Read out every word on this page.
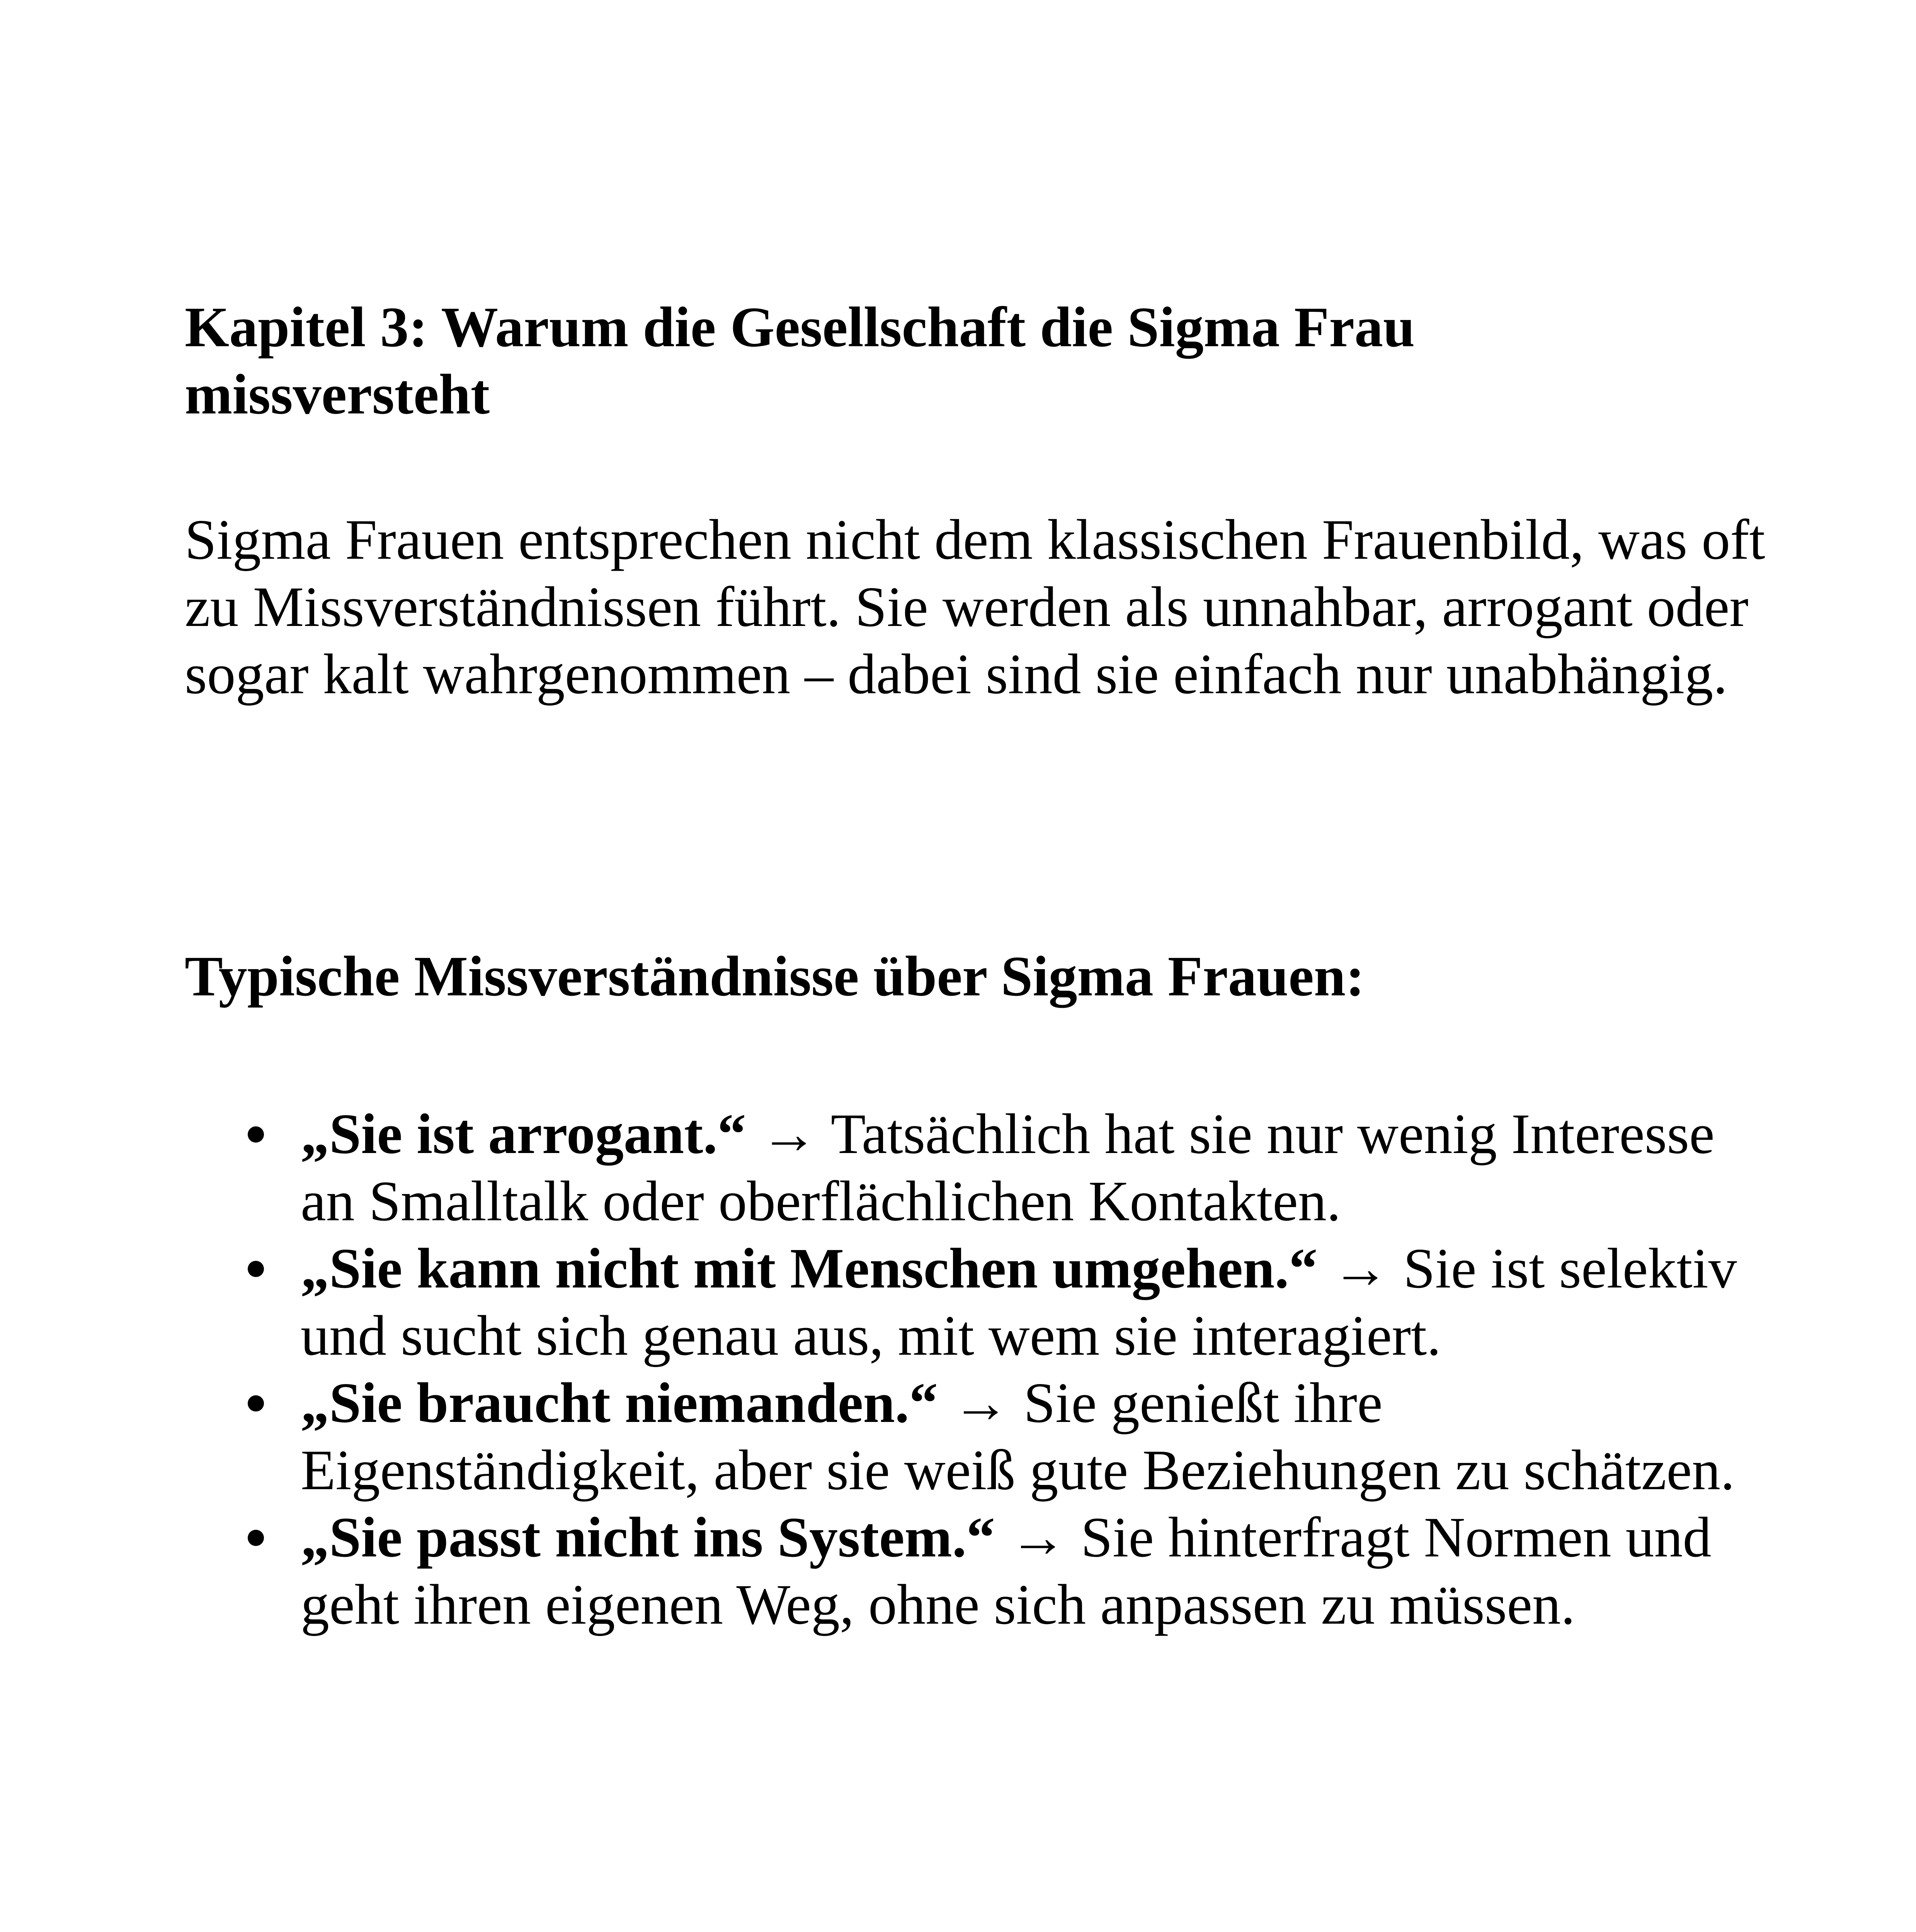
Kapitel 3: Warum die Gesellschaft die Sigma Frau missversteht

Sigma Frauen entsprechen nicht dem klassischen Frauenbild, was oft zu Missverständnissen führt. Sie werden als unnahbar, arrogant oder sogar kalt wahrgenommen – dabei sind sie einfach nur unabhängig.

Typische Missverständnisse über Sigma Frauen:
„Sie ist arrogant.“ → Tatsächlich hat sie nur wenig Interesse an Smalltalk oder oberflächlichen Kontakten.
„Sie kann nicht mit Menschen umgehen.“ → Sie ist selektiv und sucht sich genau aus, mit wem sie interagiert.
„Sie braucht niemanden.“ → Sie genießt ihre Eigenständigkeit, aber sie weiß gute Beziehungen zu schätzen.
„Sie passt nicht ins System.“ → Sie hinterfragt Normen und geht ihren eigenen Weg, ohne sich anpassen zu müssen.
